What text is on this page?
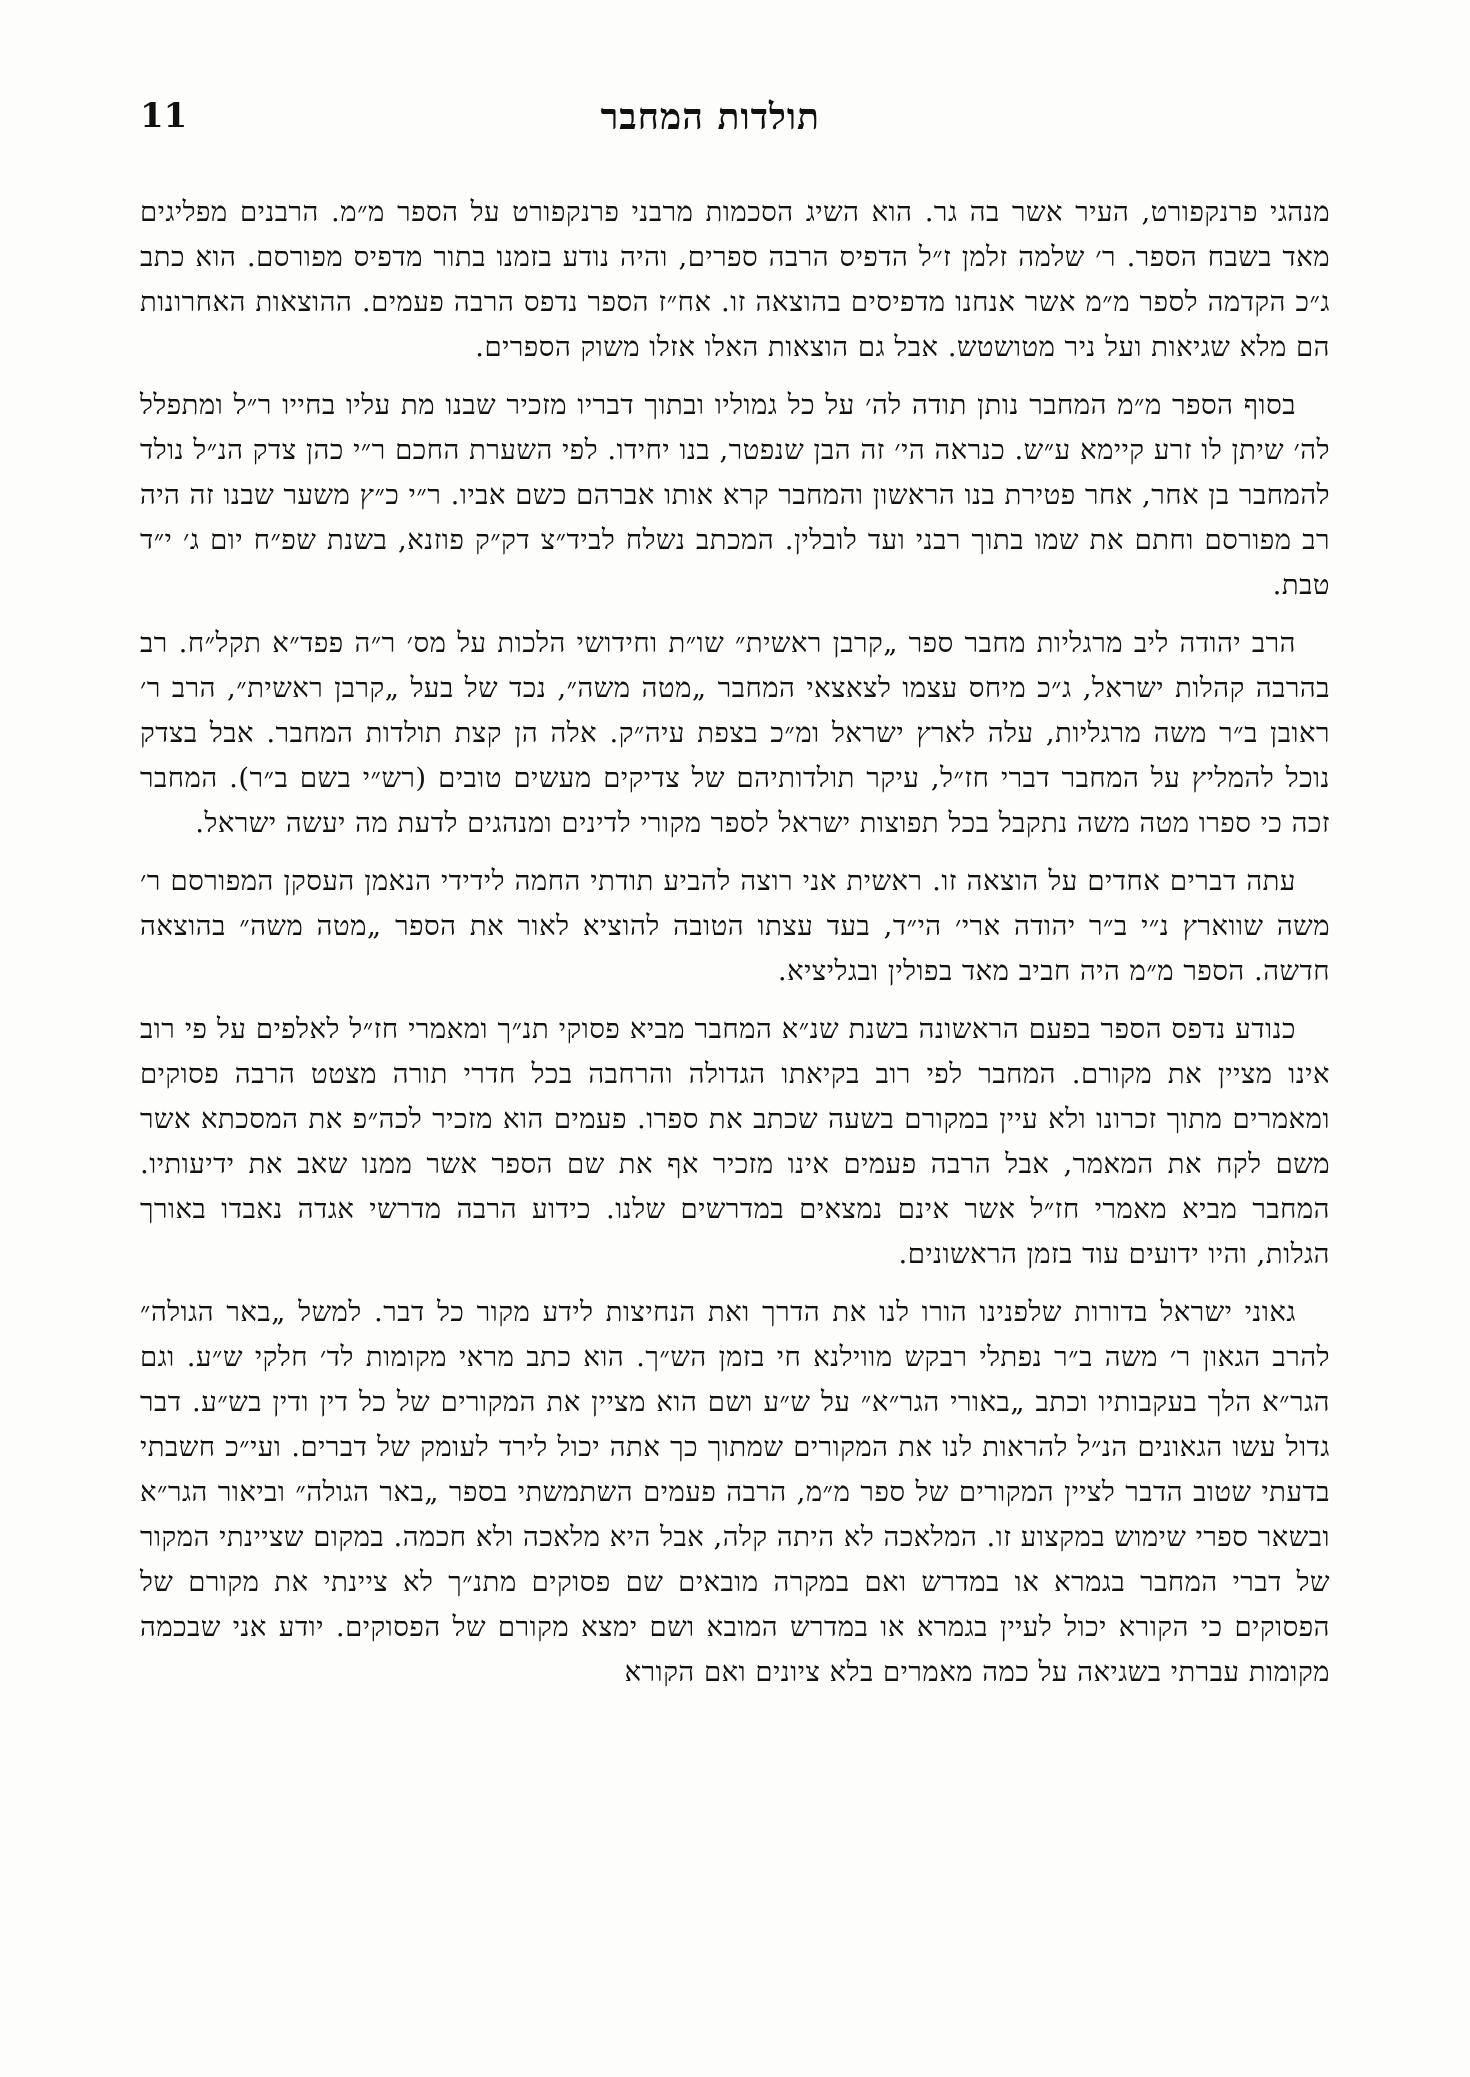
תולדות המחבר
11

מנהגי פרנקפורט, העיר אשר בה גר. הוא השיג הסכמות מרבני פרנקפורט על הספר מ״מ. הרבנים מפליגים מאד בשבח הספר. ר׳ שלמה זלמן ז״ל הדפיס הרבה ספרים, והיה נודע בזמנו בתור מדפיס מפורסם. הוא כתב ג״כ הקדמה לספר מ״מ אשר אנחנו מדפיסים בהוצאה זו. אח״ז הספר נדפס הרבה פעמים. ההוצאות האחרונות הם מלא שגיאות ועל ניר מטושטש. אבל גם הוצאות האלו אזלו משוק הספרים.

בסוף הספר מ״מ המחבר נותן תודה לה׳ על כל גמוליו ובתוך דבריו מזכיר שבנו מת עליו בחייו ר״ל ומתפלל לה׳ שיתן לו זרע קיימא ע״ש. כנראה הי׳ זה הבן שנפטר, בנו יחידו. לפי השערת החכם ר״י כהן צדק הנ״ל נולד להמחבר בן אחר, אחר פטירת בנו הראשון והמחבר קרא אותו אברהם כשם אביו. ר״י כ״ץ משער שבנו זה היה רב מפורסם וחתם את שמו בתוך רבני ועד לובלין. המכתב נשלח לביד״צ דק״ק פוזנא, בשנת שפ״ח יום ג׳ י״ד טבת.

הרב יהודה ליב מרגליות מחבר ספר „קרבן ראשית״ שו״ת וחידושי הלכות על מס׳ ר״ה פפד״א תקל״ח. רב בהרבה קהלות ישראל, ג״כ מיחס עצמו לצאצאי המחבר „מטה משה״, נכד של בעל „קרבן ראשית״, הרב ר׳ ראובן ב״ר משה מרגליות, עלה לארץ ישראל ומ״כ בצפת עיה״ק. אלה הן קצת תולדות המחבר. אבל בצדק נוכל להמליץ על המחבר דברי חז״ל, עיקר תולדותיהם של צדיקים מעשים טובים (רש״י בשם ב״ר). המחבר זכה כי ספרו מטה משה נתקבל בכל תפוצות ישראל לספר מקורי לדינים ומנהגים לדעת מה יעשה ישראל.

עתה דברים אחדים על הוצאה זו. ראשית אני רוצה להביע תודתי החמה לידידי הנאמן העסקן המפורסם ר׳ משה שווארץ נ״י ב״ר יהודה ארי׳ הי״ד, בעד עצתו הטובה להוציא לאור את הספר „מטה משה״ בהוצאה חדשה. הספר מ״מ היה חביב מאד בפולין ובגליציא.

כנודע נדפס הספר בפעם הראשונה בשנת שנ״א המחבר מביא פסוקי תנ״ך ומאמרי חז״ל לאלפים על פי רוב אינו מציין את מקורם. המחבר לפי רוב בקיאתו הגדולה והרחבה בכל חדרי תורה מצטט הרבה פסוקים ומאמרים מתוך זכרונו ולא עיין במקורם בשעה שכתב את ספרו. פעמים הוא מזכיר לכה״פ את המסכתא אשר משם לקח את המאמר, אבל הרבה פעמים אינו מזכיר אף את שם הספר אשר ממנו שאב את ידיעותיו. המחבר מביא מאמרי חז״ל אשר אינם נמצאים במדרשים שלנו. כידוע הרבה מדרשי אגדה נאבדו באורך הגלות, והיו ידועים עוד בזמן הראשונים.

גאוני ישראל בדורות שלפנינו הורו לנו את הדרך ואת הנחיצות לידע מקור כל דבר. למשל „באר הגולה״ להרב הגאון ר׳ משה ב״ר נפתלי רבקש מווילנא חי בזמן הש״ך. הוא כתב מראי מקומות לד׳ חלקי ש״ע. וגם הגר״א הלך בעקבותיו וכתב „באורי הגר״א״ על ש״ע ושם הוא מציין את המקורים של כל דין ודין בש״ע. דבר גדול עשו הגאונים הנ״ל להראות לנו את המקורים שמתוך כך אתה יכול לירד לעומק של דברים. ועי״כ חשבתי בדעתי שטוב הדבר לציין המקורים של ספר מ״מ, הרבה פעמים השתמשתי בספר „באר הגולה״ וביאור הגר״א ובשאר ספרי שימוש במקצוע זו. המלאכה לא היתה קלה, אבל היא מלאכה ולא חכמה. במקום שציינתי המקור של דברי המחבר בגמרא או במדרש ואם במקרה מובאים שם פסוקים מתנ״ך לא ציינתי את מקורם של הפסוקים כי הקורא יכול לעיין בגמרא או במדרש המובא ושם ימצא מקורם של הפסוקים. יודע אני שבכמה מקומות עברתי בשגיאה על כמה מאמרים בלא ציונים ואם הקורא
